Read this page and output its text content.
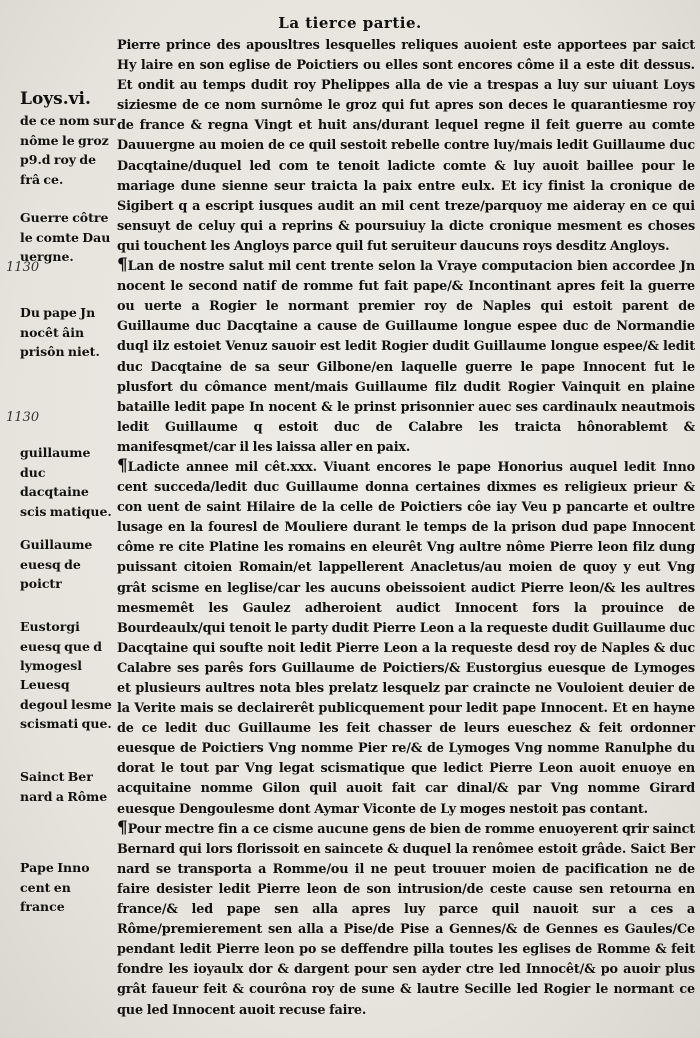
La tierce partie.
Loys.vi.
de ce nom sur nôme le groz p9.d roy de frâ ce.
Guerre côtre le comte Dau uergne.
1130
Du pape Jn nocêt âin prisôn niet.
1130
guillaume duc dacqtaine scis matique.
Guillaume euesq de poictr
Eustorgi euesq que d lymogesl
Leuesq degoul lesme scismati que.
Sainct Ber nard a Rôme
Pape Inno cent en france

Pierre prince des apousltres lesquelles reliques auoient este apportees par saict Hy laire en son eglise de Poictiers ou elles sont encores côme il a este dit dessus. Et ondit au temps dudit roy Phelippes alla de vie a trespas a luy sur uiuant Loys siziesme de ce nom surnôme le groz qui fut apres son deces le quarantiesme roy de france & regna Vingt et huit ans/durant lequel regne il feit guerre au comte Dauuergne au moien de ce quil sestoit rebelle contre luy/mais ledit Guillaume duc Dacqtaine/duquel led com te tenoit ladicte comte & luy auoit baillee pour le mariage dune sienne seur traicta la paix entre eulx. Et icy finist la cronique de Sigibert q a escript iusques audit an mil cent treze/parquoy me aideray en ce qui sensuyt de celuy qui a reprins & poursuiuy la dicte cronique mesment es choses qui touchent les Angloys parce quil fut seruiteur daucuns roys desditz Angloys.

¶Lan de nostre salut mil cent trente selon la Vraye computacion bien accordee Jn nocent le second natif de romme fut fait pape/& Incontinant apres feit la guerre ou uerte a Rogier le normant premier roy de Naples qui estoit parent de Guillaume duc Dacqtaine a cause de Guillaume longue espee duc de Normandie duql ilz estoiet Venuz sauoir est ledit Rogier dudit Guillaume longue espee/& ledit duc Dacqtaine de sa seur Gilbone/en laquelle guerre le pape Innocent fut le plusfort du cômance ment/mais Guillaume filz dudit Rogier Vainquit en plaine bataille ledit pape In nocent & le prinst prisonnier auec ses cardinaulx neautmois ledit Guillaume q estoit duc de Calabre les traicta hônorablemt & manifesqmet/car il les laissa aller en paix.

¶Ladicte annee mil cêt.xxx. Viuant encores le pape Honorius auquel ledit Inno cent succeda/ledit duc Guillaume donna certaines dixmes es religieux prieur & con uent de saint Hilaire de la celle de Poictiers côe iay Veu p pancarte et oultre lusage en la fouresl de Mouliere durant le temps de la prison dud pape Innocent côme re cite Platine les romains en eleurêt Vng aultre nôme Pierre leon filz dung puissant citoien Romain/et lappellerent Anacletus/au moien de quoy y eut Vng grât scisme en leglise/car les aucuns obeissoient audict Pierre leon/& les aultres mesmemêt les Gaulez adheroient audict Innocent fors la prouince de Bourdeaulx/qui tenoit le party dudit Pierre Leon a la requeste dudit Guillaume duc Dacqtaine qui soufte noit ledit Pierre Leon a la requeste desd roy de Naples & duc Calabre ses parês fors Guillaume de Poictiers/& Eustorgius euesque de Lymoges et plusieurs aultres nota bles prelatz lesquelz par craincte ne Vouloient deuier de la Verite mais se declairerêt publicquement pour ledit pape Innocent. Et en hayne de ce ledit duc Guillaume les feit chasser de leurs eueschez & feit ordonner euesque de Poictiers Vng nomme Pier re/& de Lymoges Vng nomme Ranulphe du dorat le tout par Vng legat scismatique que ledict Pierre Leon auoit enuoye en acquitaine nomme Gilon quil auoit fait car dinal/& par Vng nomme Girard euesque Dengoulesme dont Aymar Viconte de Ly moges nestoit pas contant.

¶Pour mectre fin a ce cisme aucune gens de bien de romme enuoyerent qrir sainct Bernard qui lors florissoit en saincete & duquel la renômee estoit grâde. Saict Ber nard se transporta a Romme/ou il ne peut trouuer moien de pacification ne de faire desister ledit Pierre leon de son intrusion/de ceste cause sen retourna en france/& led pape sen alla apres luy parce quil nauoit sur a ces a Rôme/premierement sen alla a Pise/de Pise a Gennes/& de Gennes es Gaules/Ce pendant ledit Pierre leon po se deffendre pilla toutes les eglises de Romme & feit fondre les ioyaulx dor & dargent pour sen ayder ctre led Innocêt/& po auoir plus grât faueur feit & courôna roy de sune & lautre Secille led Rogier le normant ce que led Innocent auoit recuse faire.
